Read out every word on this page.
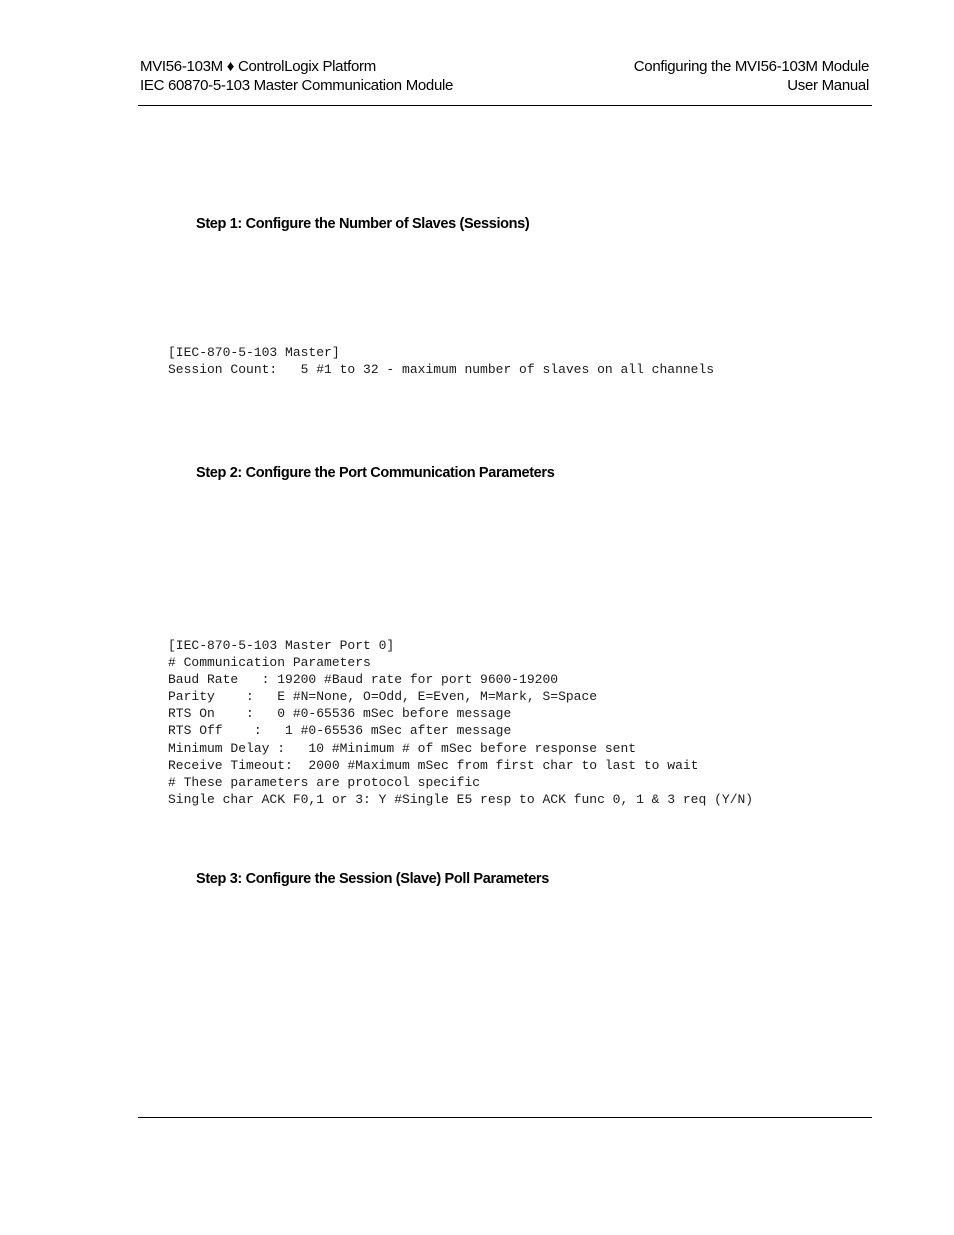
MVI56-103M ♦ ControlLogix Platform
IEC 60870-5-103 Master Communication Module
Configuring the MVI56-103M Module
User Manual
Step 1: Configure the Number of Slaves (Sessions)
[IEC-870-5-103 Master]
Session Count:   5 #1 to 32 - maximum number of slaves on all channels
Step 2: Configure the Port Communication Parameters
[IEC-870-5-103 Master Port 0]
# Communication Parameters
Baud Rate   : 19200 #Baud rate for port 9600-19200
Parity    :   E #N=None, O=Odd, E=Even, M=Mark, S=Space
RTS On    :   0 #0-65536 mSec before message
RTS Off    :   1 #0-65536 mSec after message
Minimum Delay :   10 #Minimum # of mSec before response sent
Receive Timeout:  2000 #Maximum mSec from first char to last to wait
# These parameters are protocol specific
Single char ACK F0,1 or 3: Y #Single E5 resp to ACK func 0, 1 & 3 req (Y/N)
Step 3: Configure the Session (Slave) Poll Parameters
